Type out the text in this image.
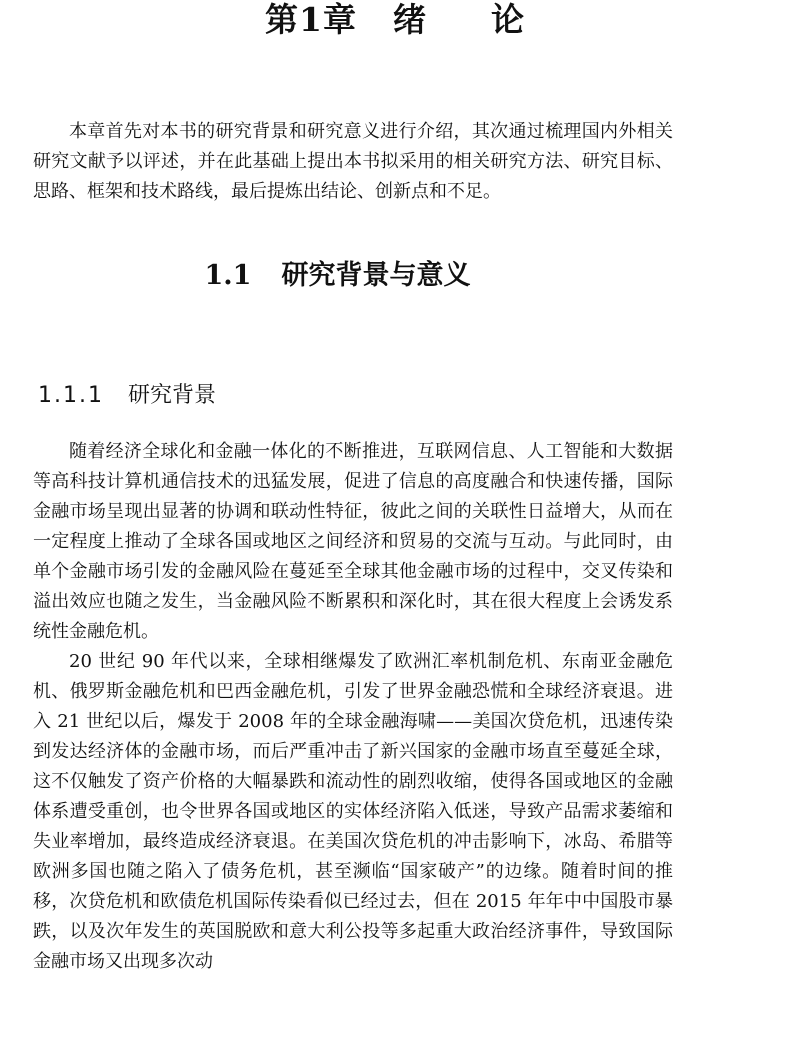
第1章 绪 论

本章首先对本书的研究背景和研究意义进行介绍，其次通过梳理国内外相关研究文献予以评述，并在此基础上提出本书拟采用的相关研究方法、研究目标、思路、框架和技术路线，最后提炼出结论、创新点和不足。

1.1 研究背景与意义
1.1.1 研究背景

随着经济全球化和金融一体化的不断推进，互联网信息、人工智能和大数据等高科技计算机通信技术的迅猛发展，促进了信息的高度融合和快速传播，国际金融市场呈现出显著的协调和联动性特征，彼此之间的关联性日益增大，从而在一定程度上推动了全球各国或地区之间经济和贸易的交流与互动。与此同时，由单个金融市场引发的金融风险在蔓延至全球其他金融市场的过程中，交叉传染和溢出效应也随之发生，当金融风险不断累积和深化时，其在很大程度上会诱发系统性金融危机。

20 世纪 90 年代以来，全球相继爆发了欧洲汇率机制危机、东南亚金融危机、俄罗斯金融危机和巴西金融危机，引发了世界金融恐慌和全球经济衰退。进入 21 世纪以后，爆发于 2008 年的全球金融海啸——美国次贷危机，迅速传染到发达经济体的金融市场，而后严重冲击了新兴国家的金融市场直至蔓延全球，这不仅触发了资产价格的大幅暴跌和流动性的剧烈收缩，使得各国或地区的金融体系遭受重创，也令世界各国或地区的实体经济陷入低迷，导致产品需求萎缩和失业率增加，最终造成经济衰退。在美国次贷危机的冲击影响下，冰岛、希腊等欧洲多国也随之陷入了债务危机，甚至濒临“国家破产”的边缘。随着时间的推移，次贷危机和欧债危机国际传染看似已经过去，但在 2015 年年中中国股市暴跌，以及次年发生的英国脱欧和意大利公投等多起重大政治经济事件，导致国际金融市场又出现多次动
